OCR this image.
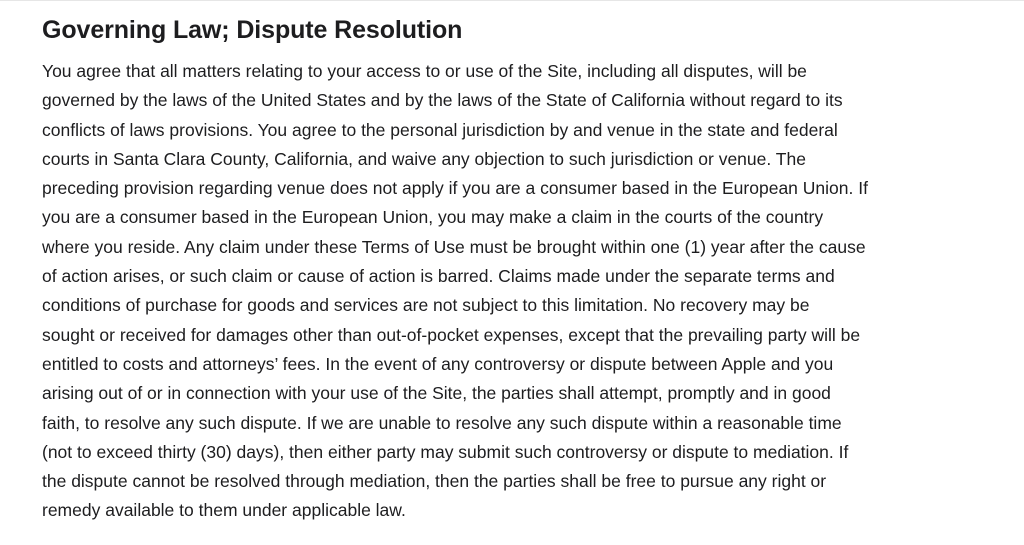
Governing Law; Dispute Resolution

You agree that all matters relating to your access to or use of the Site, including all disputes, will be
governed by the laws of the United States and by the laws of the State of California without regard to its
conflicts of laws provisions. You agree to the personal jurisdiction by and venue in the state and federal
courts in Santa Clara County, California, and waive any objection to such jurisdiction or venue. The
preceding provision regarding venue does not apply if you are a consumer based in the European Union. If
you are a consumer based in the European Union, you may make a claim in the courts of the country
where you reside. Any claim under these Terms of Use must be brought within one (1) year after the cause
of action arises, or such claim or cause of action is barred. Claims made under the separate terms and
conditions of purchase for goods and services are not subject to this limitation. No recovery may be
sought or received for damages other than out-of-pocket expenses, except that the prevailing party will be
entitled to costs and attorneys’ fees. In the event of any controversy or dispute between Apple and you
arising out of or in connection with your use of the Site, the parties shall attempt, promptly and in good
faith, to resolve any such dispute. If we are unable to resolve any such dispute within a reasonable time
(not to exceed thirty (30) days), then either party may submit such controversy or dispute to mediation. If
the dispute cannot be resolved through mediation, then the parties shall be free to pursue any right or
remedy available to them under applicable law.
